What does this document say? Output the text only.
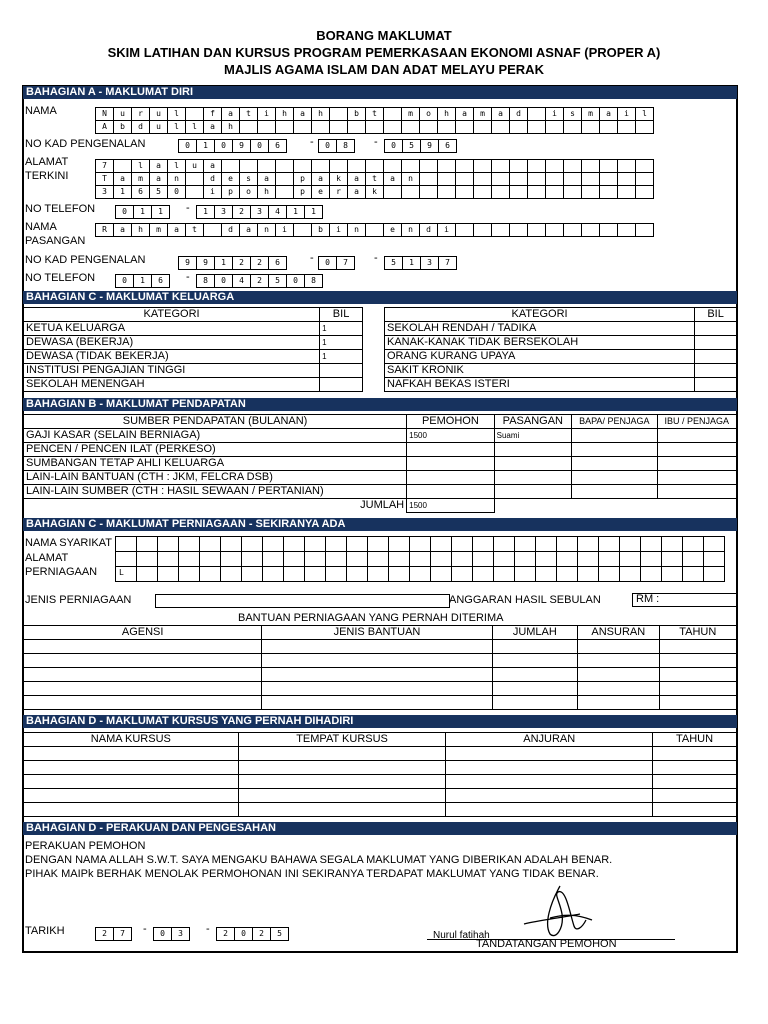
BORANG MAKLUMAT
SKIM LATIHAN DAN KURSUS PROGRAM PEMERKASAAN EKONOMI ASNAF (PROPER A)
MAJLIS AGAMA ISLAM DAN ADAT MELAYU PERAK
BAHAGIAN A - MAKLUMAT DIRI
NAMA	N	u	r	u	l	f	a	t	i	h	a	h	b	t	m	o	h	a	m	a	d	i	s	m	a	i	l
A	b	d	u	l	l	a	h
NO KAD PENGENALAN	0	1	0	9	0	6	-	0	8	-	0	5	9	6
ALAMAT
TERKINI
7	l	a	l	u	a
T	a	m	a	n	d	e	s	a	p	a	k	a	t	a	n
3	1	6	5	0	i	p	o	h	p	e	r	a	k
NO TELEFON	0	1	1	-	1	3	2	3	4	1	1
NAMA
PASANGAN
R	a	h	m	a	t	d	a	n	i	b	i	n	e	n	d	i
NO KAD PENGENALAN	9	9	1	2	2	6	-	0	7	-	5	1	3	7
NO TELEFON	0	1	6	-	8	0	4	2	5	0	8
BAHAGIAN C - MAKLUMAT KELUARGA
KATEGORI	BIL
KETUA KELUARGA	1
DEWASA (BEKERJA)	1
DEWASA (TIDAK BEKERJA)	1
INSTITUSI PENGAJIAN TINGGI	
SEKOLAH MENENGAH	
KATEGORI	BIL
SEKOLAH RENDAH / TADIKA	
KANAK-KANAK TIDAK BERSEKOLAH	
ORANG KURANG UPAYA	
SAKIT KRONIK	
NAFKAH BEKAS ISTERI	
BAHAGIAN B - MAKLUMAT PENDAPATAN
SUMBER PENDAPATAN (BULANAN)	PEMOHON	PASANGAN	BAPA/ PENJAGA	IBU / PENJAGA
GAJI KASAR (SELAIN BERNIAGA)	1500	Suami		
PENCEN / PENCEN ILAT (PERKESO)				
SUMBANGAN TETAP AHLI KELUARGA				
LAIN-LAIN BANTUAN (CTH : JKM, FELCRA DSB)				
LAIN-LAIN SUMBER (CTH : HASIL SEWAAN / PERTANIAN)				
JUMLAH	1500			
BAHAGIAN C - MAKLUMAT PERNIAGAAN - SEKIRANYA ADA
NAMA SYARIKAT
ALAMAT
PERNIAGAAN	L
JENIS PERNIAGAAN	ANGGARAN HASIL SEBULAN	RM :
BANTUAN PERNIAGAAN YANG PERNAH DITERIMA
AGENSI	JENIS BANTUAN	JUMLAH	ANSURAN	TAHUN

BAHAGIAN D - MAKLUMAT KURSUS YANG PERNAH DIHADIRI
NAMA KURSUS	TEMPAT KURSUS	ANJURAN	TAHUN

BAHAGIAN D - PERAKUAN DAN PENGESAHAN
PERAKUAN PEMOHON
DENGAN NAMA ALLAH S.W.T. SAYA MENGAKU BAHAWA SEGALA MAKLUMAT YANG DIBERIKAN ADALAH BENAR.
PIHAK MAIPk BERHAK MENOLAK PERMOHONAN INI SEKIRANYA TERDAPAT MAKLUMAT YANG TIDAK BENAR.
TARIKH	2	7	-	0	3	-	2	0	2	5	Nurul fatihah
TANDATANGAN PEMOHON
